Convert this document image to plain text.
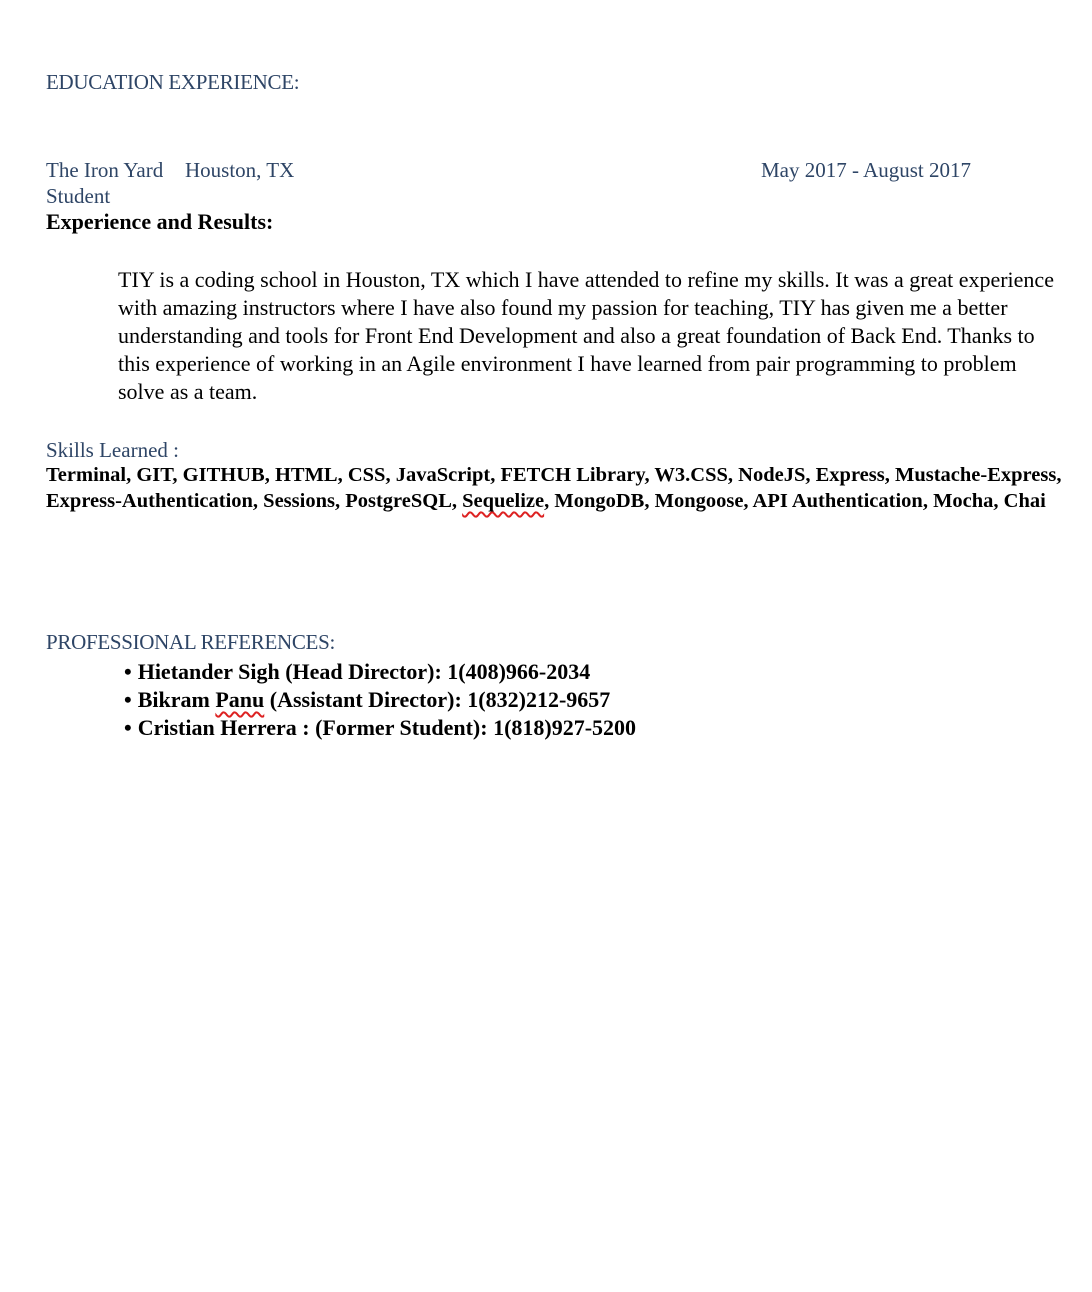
EDUCATION EXPERIENCE:
The Iron Yard Houston, TX	May 2017 - August 2017
Student
Experience and Results:
TIY is a coding school in Houston, TX which I have attended to refine my skills. It was a great experience with amazing instructors where I have also found my passion for teaching, TIY has given me a better understanding and tools for Front End Development and also a great foundation of Back End. Thanks to this experience of working in an Agile environment I have learned from pair programming to problem solve as a team.
Skills Learned :
Terminal, GIT, GITHUB, HTML, CSS, JavaScript, FETCH Library, W3.CSS, NodeJS, Express, Mustache-Express, Express-Authentication, Sessions, PostgreSQL, Sequelize, MongoDB, Mongoose, API Authentication, Mocha, Chai
PROFESSIONAL REFERENCES:
• Hietander Sigh (Head Director): 1(408)966-2034
• Bikram Panu (Assistant Director): 1(832)212-9657
• Cristian Herrera : (Former Student): 1(818)927-5200
